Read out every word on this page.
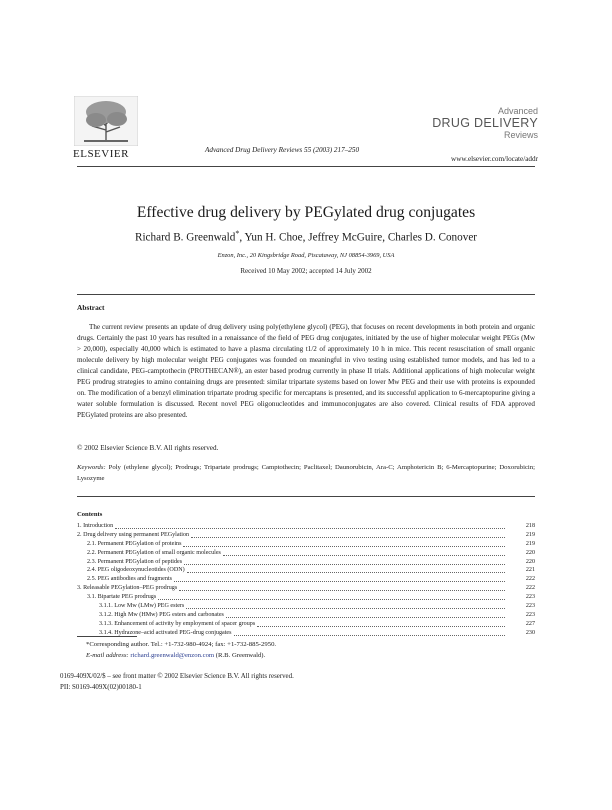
ELSEVIER	Advanced Drug Delivery Reviews 55 (2003) 217–250
Advanced
DRUG DELIVERY
Reviews
www.elsevier.com/locate/addr
Effective drug delivery by PEGylated drug conjugates
Richard B. Greenwald*, Yun H. Choe, Jeffrey McGuire, Charles D. Conover
Enzon, Inc., 20 Kingsbridge Road, Piscataway, NJ 08854-3969, USA
Received 10 May 2002; accepted 14 July 2002
Abstract

The current review presents an update of drug delivery using poly(ethylene glycol) (PEG), that focuses on recent developments in both protein and organic drugs. Certainly the past 10 years has resulted in a renaissance of the field of PEG drug conjugates, initiated by the use of higher molecular weight PEGs (Mw > 20,000), especially 40,000 which is estimated to have a plasma circulating t1/2 of approximately 10 h in mice. This recent resuscitation of small organic molecule delivery by high molecular weight PEG conjugates was founded on meaningful in vivo testing using established tumor models, and has led to a clinical candidate, PEG-camptothecin (PROTHECAN®), an ester based prodrug currently in phase II trials. Additional applications of high molecular weight PEG prodrug strategies to amino containing drugs are presented: similar tripartate systems based on lower Mw PEG and their use with proteins is expounded on. The modification of a benzyl elimination tripartate prodrug specific for mercaptans is presented, and its successful application to 6-mercaptopurine giving a water soluble formulation is discussed. Recent novel PEG oligonucleotides and immunoconjugates are also covered. Clinical results of FDA approved PEGylated proteins are also presented.

© 2002 Elsevier Science B.V. All rights reserved.
Keywords: Poly (ethylene glycol); Prodrugs; Tripartate prodrugs; Camptothecin; Paclitaxel; Daunorubicin, Ara-C; Amphotericin B; 6-Mercaptopurine; Doxorubicin; Lysozyme
Contents
1. Introduction	218
2. Drug delivery using permanent PEGylation	219
2.1. Permanent PEGylation of proteins	219
2.2. Permanent PEGylation of small organic molecules	220
2.3. Permanent PEGylation of peptides	220
2.4. PEG oligodeoxynucleotides (ODN)	221
2.5. PEG antibodies and fragments	222
3. Releasable PEGylation–PEG prodrugs	222
3.1. Bipartate PEG prodrugs	223
3.1.1. Low Mw (LMw) PEG esters	223
3.1.2. High Mw (HMw) PEG esters and carbonates	223
3.1.3. Enhancement of activity by employment of spacer groups	227
3.1.4. Hydrazone–acid activated PEG-drug conjugates	230
*Corresponding author. Tel.: +1-732-980-4924; fax: +1-732-885-2950.
E-mail address: richard.greenwald@enzon.com (R.B. Greenwald).
0169-409X/02/$ – see front matter © 2002 Elsevier Science B.V. All rights reserved.
PII: S0169-409X(02)00180-1
